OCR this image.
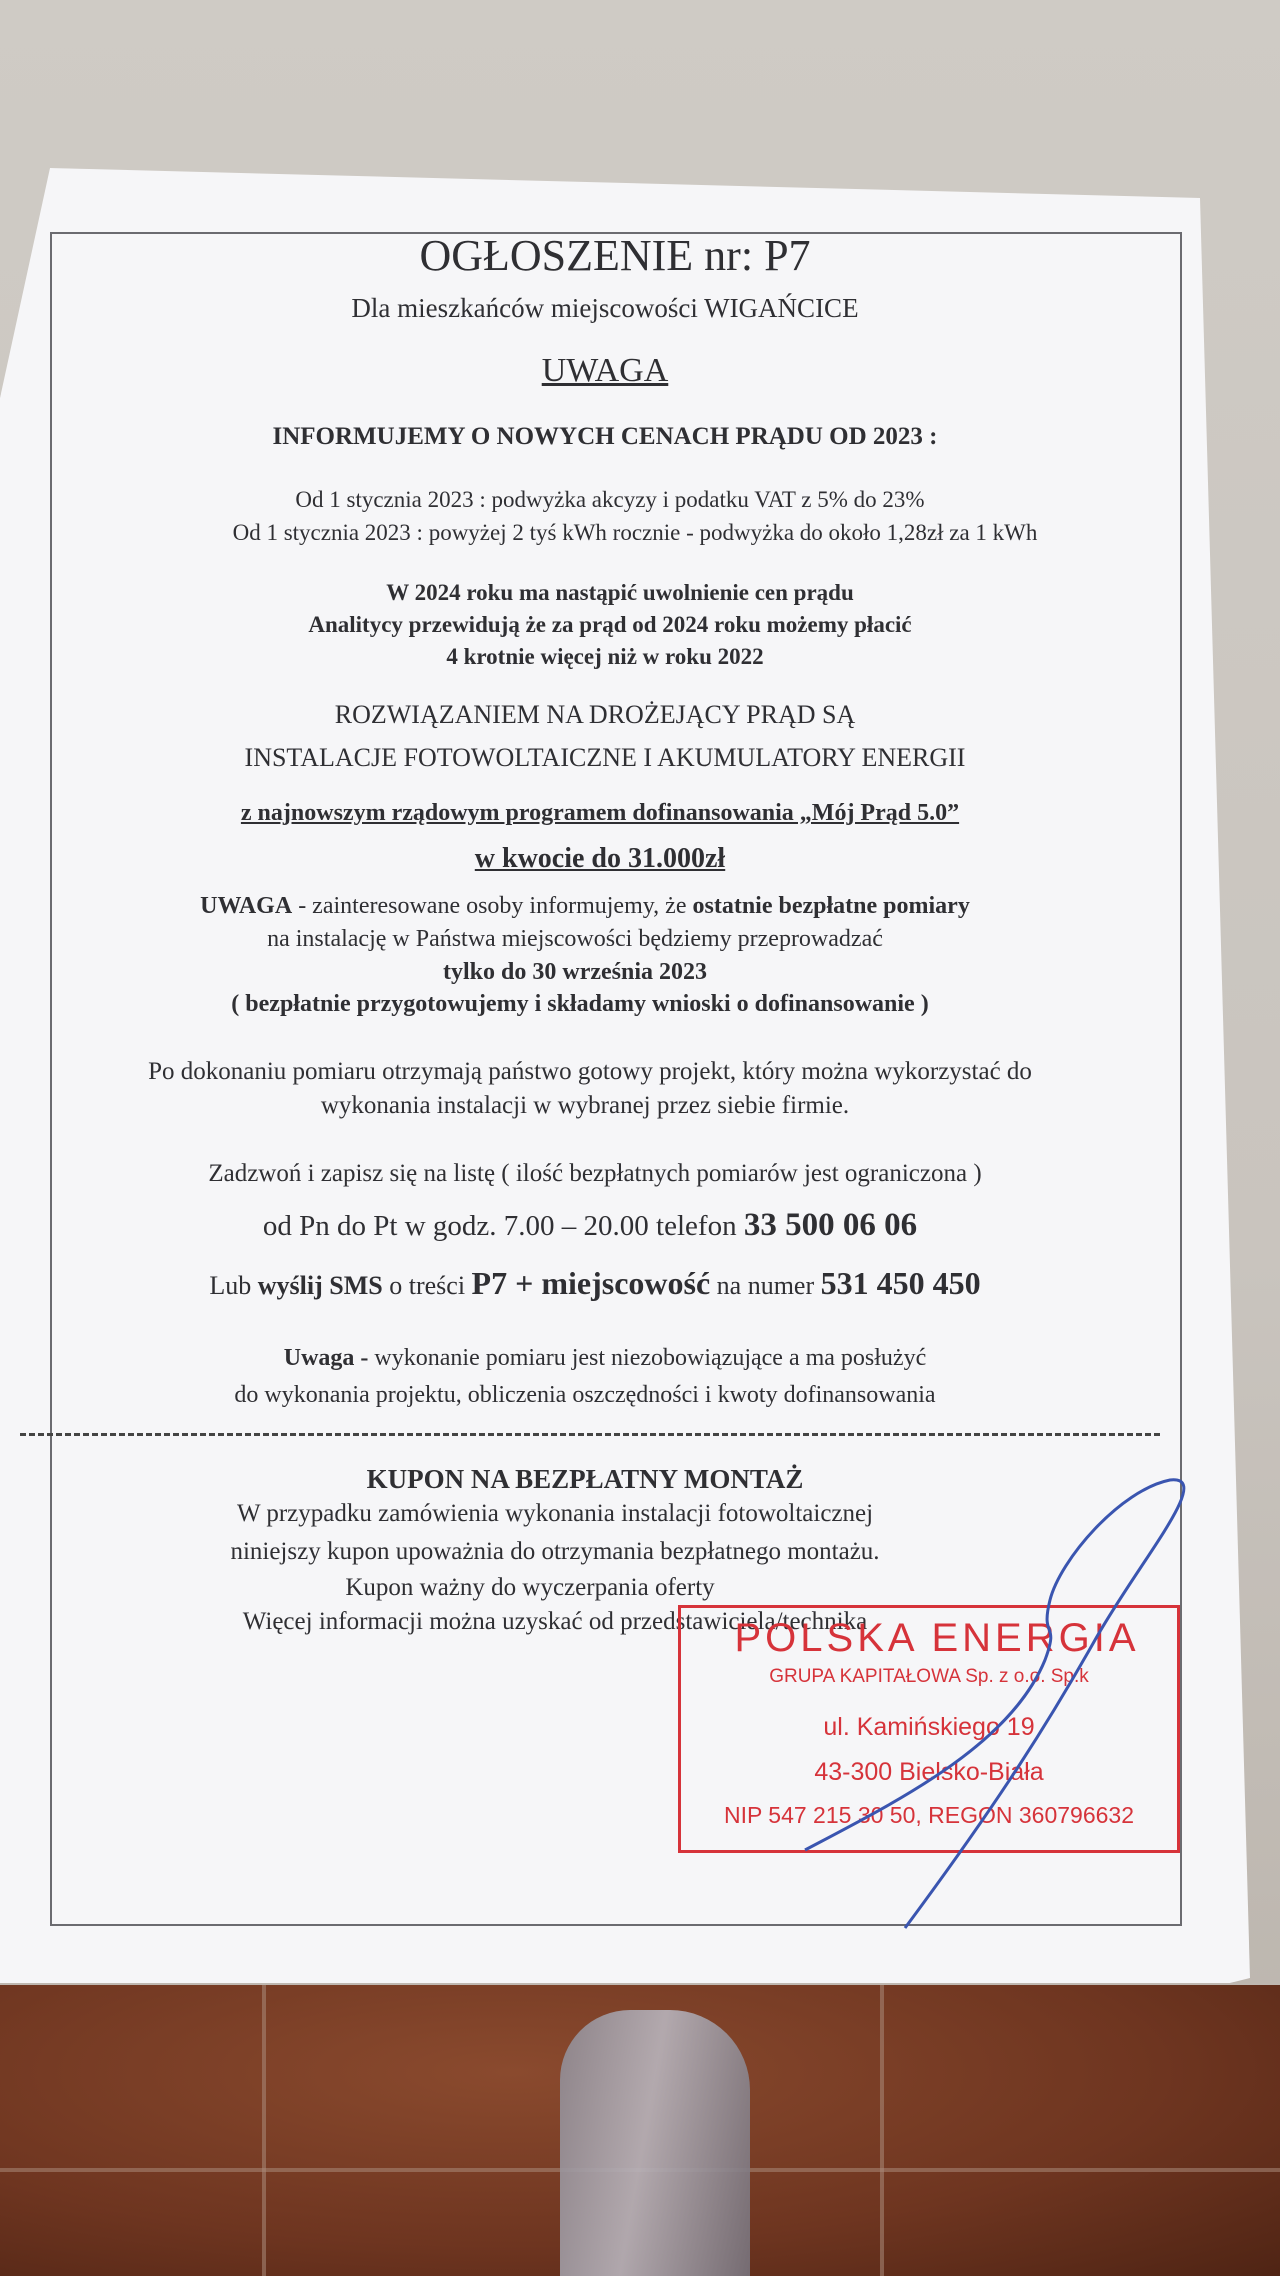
OGŁOSZENIE nr: P7
Dla mieszkańców miejscowości WIGAŃCICE
UWAGA
INFORMUJEMY O NOWYCH CENACH PRĄDU OD 2023 :
Od 1 stycznia 2023 : podwyżka akcyzy i podatku VAT z 5% do 23%
Od 1 stycznia 2023 : powyżej 2 tyś kWh rocznie - podwyżka do około 1,28zł za 1 kWh
W 2024 roku ma nastąpić uwolnienie cen prądu
Analitycy przewidują że za prąd od 2024 roku możemy płacić
4 krotnie więcej niż w roku 2022
ROZWIĄZANIEM NA DROŻEJĄCY PRĄD SĄ
INSTALACJE FOTOWOLTAICZNE I AKUMULATORY ENERGII
z najnowszym rządowym programem dofinansowania „Mój Prąd 5.0”
w kwocie do 31.000zł
UWAGA - zainteresowane osoby informujemy, że ostatnie bezpłatne pomiary
na instalację w Państwa miejscowości będziemy przeprowadzać
tylko do 30 września 2023
( bezpłatnie przygotowujemy i składamy wnioski o dofinansowanie )
Po dokonaniu pomiaru otrzymają państwo gotowy projekt, który można wykorzystać do
wykonania instalacji w wybranej przez siebie firmie.
Zadzwoń i zapisz się na listę ( ilość bezpłatnych pomiarów jest ograniczona )
od Pn do Pt w godz. 7.00 – 20.00 telefon 33 500 06 06
Lub wyślij SMS o treści P7 + miejscowość na numer 531 450 450
Uwaga - wykonanie pomiaru jest niezobowiązujące a ma posłużyć
do wykonania projektu, obliczenia oszczędności i kwoty dofinansowania
KUPON NA BEZPŁATNY MONTAŻ
W przypadku zamówienia wykonania instalacji fotowoltaicznej
niniejszy kupon upoważnia do otrzymania bezpłatnego montażu.
Kupon ważny do wyczerpania oferty
Więcej informacji można uzyskać od przedstawiciela/technika
POLSKA ENERGIA
GRUPA KAPITAŁOWA Sp. z o.o. Sp.k
ul. Kamińskiego 19
43-300 Bielsko-Biała
NIP 547 215 30 50, REGON 360796632
